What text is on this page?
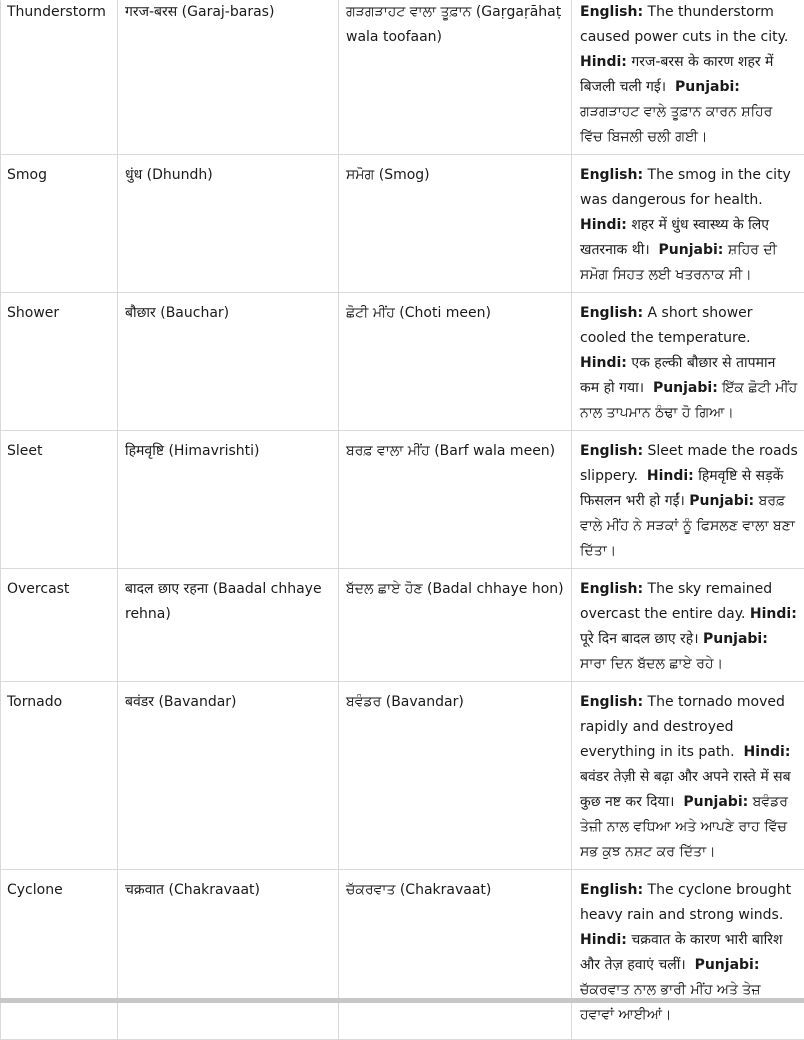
Thunderstorm	गरज-बरस (Garaj-baras)	ਗੜਗੜਾਹਟ ਵਾਲਾ ਤੂਫ਼ਾਨ (Gaṛgaṛāhaṭ wala toofaan)	English: The thunderstorm caused power cuts in the city. Hindi: गरज-बरस के कारण शहर में बिजली चली गई। Punjabi: ਗੜਗੜਾਹਟ ਵਾਲੇ ਤੂਫ਼ਾਨ ਕਾਰਨ ਸ਼ਹਿਰ ਵਿੱਚ ਬਿਜਲੀ ਚਲੀ ਗਈ।
Smog	धुंध (Dhundh)	ਸਮੋਗ (Smog)	English: The smog in the city was dangerous for health. Hindi: शहर में धुंध स्वास्थ्य के लिए खतरनाक थी। Punjabi: ਸ਼ਹਿਰ ਦੀ ਸਮੋਗ ਸਿਹਤ ਲਈ ਖਤਰਨਾਕ ਸੀ।
Shower	बौछार (Bauchar)	ਛੋਟੀ ਮੀਂਹ (Choti meen)	English: A short shower cooled the temperature. Hindi: एक हल्की बौछार से तापमान कम हो गया। Punjabi: ਇੱਕ ਛੋਟੀ ਮੀਂਹ ਨਾਲ ਤਾਪਮਾਨ ਠੰਢਾ ਹੋ ਗਿਆ।
Sleet	हिमवृष्टि (Himavrishti)	ਬਰਫ਼ ਵਾਲਾ ਮੀਂਹ (Barf wala meen)	English: Sleet made the roads slippery. Hindi: हिमवृष्टि से सड़कें फिसलन भरी हो गईं। Punjabi: ਬਰਫ਼ ਵਾਲੇ ਮੀਂਹ ਨੇ ਸੜਕਾਂ ਨੂੰ ਫਿਸਲਣ ਵਾਲਾ ਬਣਾ ਦਿੱਤਾ।
Overcast	बादल छाए रहना (Baadal chhaye rehna)	ਬੱਦਲ ਛਾਏ ਹੋਣ (Badal chhaye hon)	English: The sky remained overcast the entire day. Hindi: पूरे दिन बादल छाए रहे। Punjabi: ਸਾਰਾ ਦਿਨ ਬੱਦਲ ਛਾਏ ਰਹੇ।
Tornado	बवंडर (Bavandar)	ਬਵੰਡਰ (Bavandar)	English: The tornado moved rapidly and destroyed everything in its path. Hindi: बवंडर तेज़ी से बढ़ा और अपने रास्ते में सब कुछ नष्ट कर दिया। Punjabi: ਬਵੰਡਰ ਤੇਜ਼ੀ ਨਾਲ ਵਧਿਆ ਅਤੇ ਆਪਣੇ ਰਾਹ ਵਿੱਚ ਸਭ ਕੁਝ ਨਸ਼ਟ ਕਰ ਦਿੱਤਾ।
Cyclone	चक्रवात (Chakravaat)	ਚੱਕਰਵਾਤ (Chakravaat)	English: The cyclone brought heavy rain and strong winds. Hindi: चक्रवात के कारण भारी बारिश और तेज़ हवाएं चलीं। Punjabi: ਚੱਕਰਵਾਤ ਨਾਲ ਭਾਰੀ ਮੀਂਹ ਅਤੇ ਤੇਜ਼ ਹਵਾਵਾਂ ਆਈਆਂ।
